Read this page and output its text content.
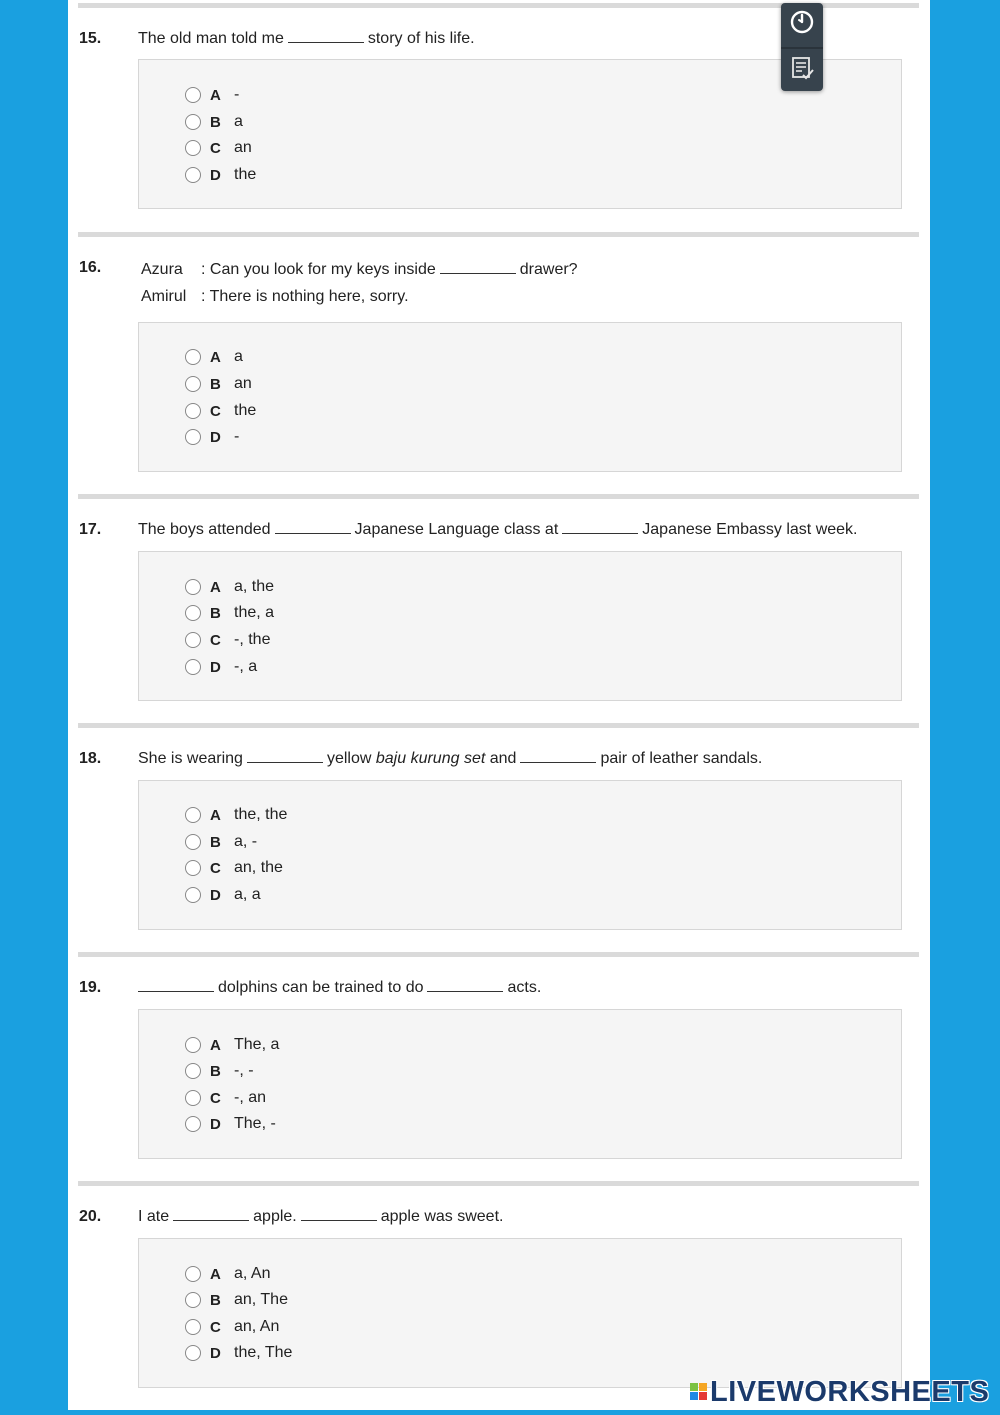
15. The old man told me	story of his life.
A -
B a
C an
D the
16. Azura : Can you look for my keys inside	drawer?
Amirul : There is nothing here, sorry.
A a
B an
C the
D -
17. The boys attended	Japanese Language class at	Japanese Embassy last week.
A a, the
B the, a
C -, the
D -, a
18. She is wearing	yellow baju kurung set and	pair of leather sandals.
A the, the
B a, -
C an, the
D a, a
19.	dolphins can be trained to do	acts.
A The, a
B -, -
C -, an
D The, -
20. I ate	apple.	apple was sweet.
A a, An
B an, The
C an, An
D the, The
LIVEWORKSHEETS
